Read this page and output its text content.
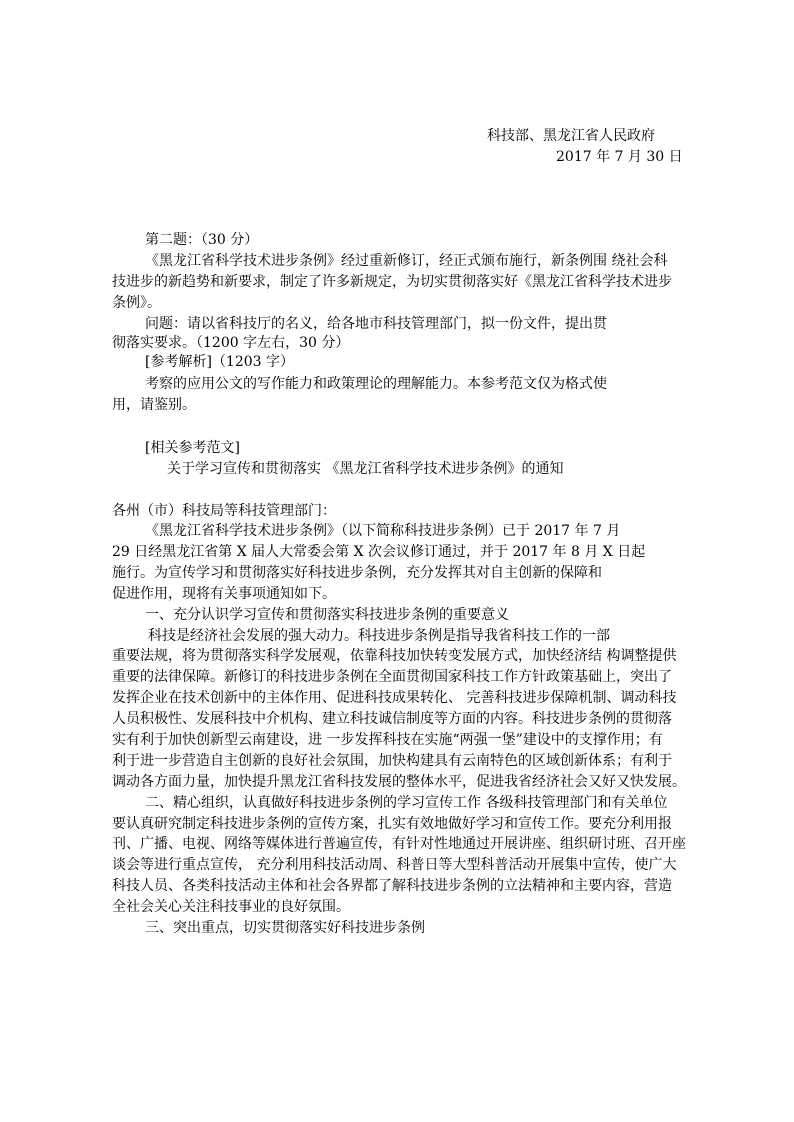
科技部、黑龙江省人民政府
2017 年 7 月 30 日
第二题：（30 分）
《黑龙江省科学技术进步条例》经过重新修订，经正式颁布施行，新条例围 绕社会科
技进步的新趋势和新要求，制定了许多新规定，为切实贯彻落实好《黑龙江省科学技术进步
条例》。
问题：请以省科技厅的名义，给各地市科技管理部门，拟一份文件，提出贯
彻落实要求。（1200 字左右，30 分）
[参考解析]（1203 字）
考察的应用公文的写作能力和政策理论的理解能力。本参考范文仅为格式使
用，请鉴别。
[相关参考范文]
关于学习宣传和贯彻落实 《黑龙江省科学技术进步条例》的通知
各州（市）科技局等科技管理部门：
《黑龙江省科学技术进步条例》（以下简称科技进步条例）已于 2017 年 7 月
29 日经黑龙江省第 X 届人大常委会第 X 次会议修订通过，并于 2017 年 8 月 X 日起
施行。为宣传学习和贯彻落实好科技进步条例，充分发挥其对自主创新的保障和
促进作用，现将有关事项通知如下。
一、充分认识学习宣传和贯彻落实科技进步条例的重要意义
科技是经济社会发展的强大动力。科技进步条例是指导我省科技工作的一部
重要法规，将为贯彻落实科学发展观，依靠科技加快转变发展方式，加快经济结 构调整提供
重要的法律保障。新修订的科技进步条例在全面贯彻国家科技工作方针政策基础上，突出了
发挥企业在技术创新中的主体作用、促进科技成果转化、 完善科技进步保障机制、调动科技
人员积极性、发展科技中介机构、建立科技诚信制度等方面的内容。科技进步条例的贯彻落
实有利于加快创新型云南建设，进 一步发挥科技在实施“两强一堡”建设中的支撑作用；有
利于进一步营造自主创新的良好社会氛围，加快构建具有云南特色的区域创新体系；有利于
调动各方面力量，加快提升黑龙江省科技发展的整体水平，促进我省经济社会又好又快发展。
二、精心组织，认真做好科技进步条例的学习宣传工作 各级科技管理部门和有关单位
要认真研究制定科技进步条例的宣传方案，扎实有效地做好学习和宣传工作。要充分利用报
刊、广播、电视、网络等媒体进行普遍宣传，有针对性地通过开展讲座、组织研讨班、召开座
谈会等进行重点宣传， 充分利用科技活动周、科普日等大型科普活动开展集中宣传，使广大
科技人员、各类科技活动主体和社会各界都了解科技进步条例的立法精神和主要内容，营造
全社会关心关注科技事业的良好氛围。
三、突出重点，切实贯彻落实好科技进步条例
